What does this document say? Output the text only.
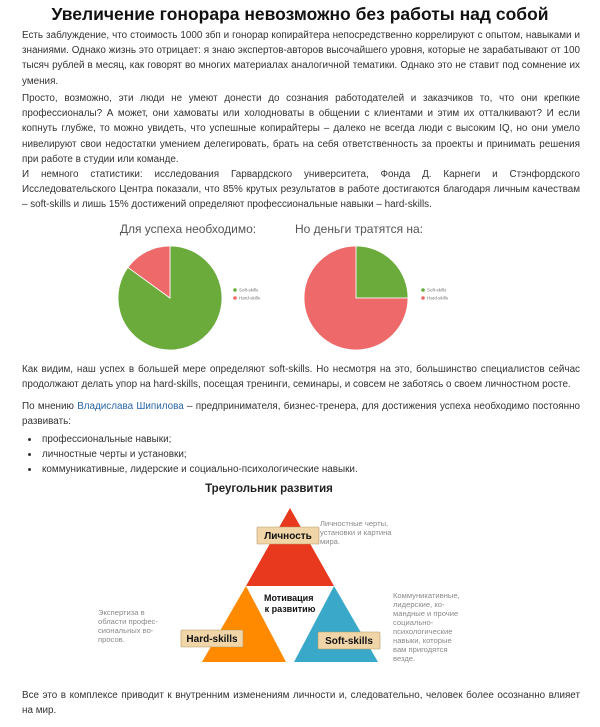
Увеличение гонорара невозможно без работы над собой

Есть заблуждение, что стоимость 1000 збп и гонорар копирайтера непосредственно коррелируют с опытом, навыками и знаниями. Однако жизнь это отрицает: я знаю экспертов-авторов высочайшего уровня, которые не зарабатывают от 100 тысяч рублей в месяц, как говорят во многих материалах аналогичной тематики. Однако это не ставит под сомнение их умения.

Просто, возможно, эти люди не умеют донести до сознания работодателей и заказчиков то, что они крепкие профессионалы? А может, они хамоваты или холодноваты в общении с клиентами и этим их отталкивают? И если копнуть глубже, то можно увидеть, что успешные копирайтеры – далеко не всегда люди с высоким IQ, но они умело нивелируют свои недостатки умением делегировать, брать на себя ответственность за проекты и принимать решения при работе в студии или команде.

И немного статистики: исследования Гарвардского университета, Фонда Д. Карнеги и Стэнфордского Исследовательского Центра показали, что 85% крутых результатов в работе достигаются благодаря личным качествам – soft-skills и лишь 15% достижений определяют профессиональные навыки – hard-skills.

Для успеха необходимо:
Soft-skills
Hard-skills
Но деньги тратятся на:
Soft-skills
Hard-skills

Как видим, наш успех в большей мере определяют soft-skills. Но несмотря на это, большинство специалистов сейчас продолжают делать упор на hard-skills, посещая тренинги, семинары, и совсем не заботясь о своем личностном росте.

По мнению Владислава Шипилова – предпринимателя, бизнес-тренера, для достижения успеха необходимо постоянно развивать:

• профессиональные навыки;
• личностные черты и установки;
• коммуникативные, лидерские и социально-психологические навыки.
Треугольник развития
Личность
Мотивация к развитию
Hard-skills	Soft-skills
Личностные черты, установки и картина мира.
Экспертиза в области профес- сиональных во- просов.
Коммуникативные, лидерские, ко- мандные и прочие социально- психологические навыки, которые вам пригодятся везде.

Все это в комплексе приводит к внутренним изменениям личности и, следовательно, человек более осознанно влияет на мир.
